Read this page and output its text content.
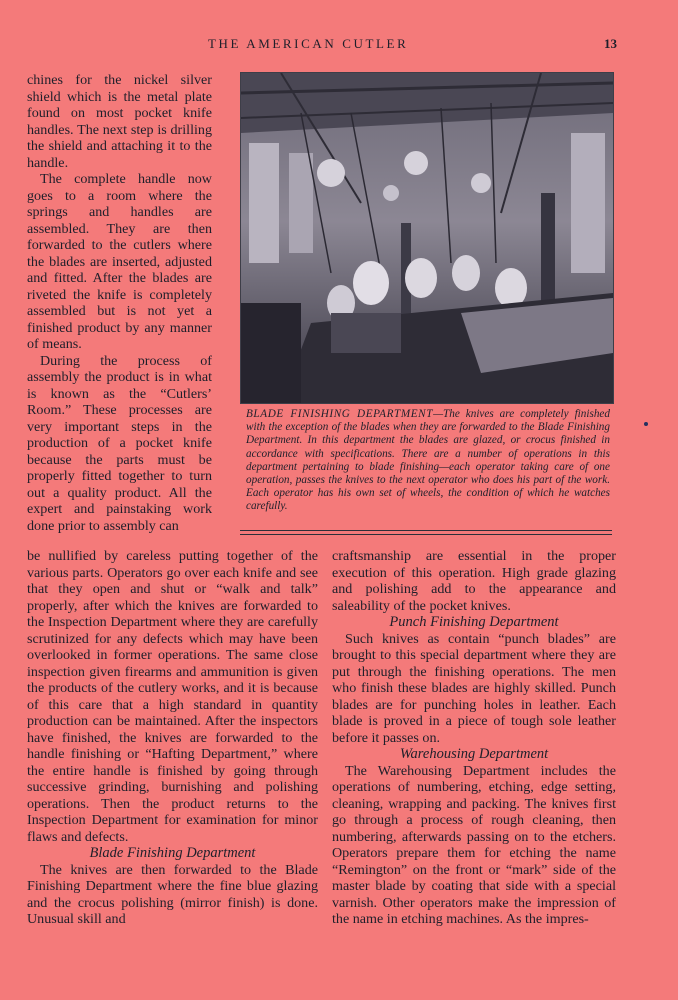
THE AMERICAN CUTLER	13
BLADE FINISHING DEPARTMENT—The knives are completely finished with the exception of the blades when they are forwarded to the Blade Finishing Department. In this department the blades are glazed, or crocus finished in accordance with specifications. There are a number of operations in this department pertaining to blade finishing—each operator taking care of one operation, passes the knives to the next operator who does his part of the work. Each operator has his own set of wheels, the condition of which he watches carefully.

chines for the nickel silver shield which is the metal plate found on most pocket knife handles. The next step is drilling the shield and attaching it to the handle.

The complete handle now goes to a room where the springs and handles are assembled. They are then forwarded to the cutlers where the blades are inserted, adjusted and fitted. After the blades are riveted the knife is completely assembled but is not yet a finished product by any manner of means.

During the process of assembly the product is in what is known as the “Cutlers’ Room.” These processes are very important steps in the production of a pocket knife because the parts must be properly fitted together to turn out a quality product. All the expert and painstaking work done prior to assembly can

be nullified by careless putting together of the various parts. Operators go over each knife and see that they open and shut or “walk and talk” properly, after which the knives are forwarded to the Inspection Department where they are carefully scrutinized for any defects which may have been overlooked in former operations. The same close inspection given firearms and ammunition is given the products of the cutlery works, and it is because of this care that a high standard in quantity production can be maintained. After the inspectors have finished, the knives are forwarded to the handle finishing or “Hafting Department,” where the entire handle is finished by going through successive grinding, burnishing and polishing operations. Then the product returns to the Inspection Department for examination for minor flaws and defects.

Blade Finishing Department

The knives are then forwarded to the Blade Finishing Department where the fine blue glazing and the crocus polishing (mirror finish) is done. Unusual skill and

craftsmanship are essential in the proper execution of this operation. High grade glazing and polishing add to the appearance and saleability of the pocket knives.

Punch Finishing Department

Such knives as contain “punch blades” are brought to this special department where they are put through the finishing operations. The men who finish these blades are highly skilled. Punch blades are for punching holes in leather. Each blade is proved in a piece of tough sole leather before it passes on.

Warehousing Department

The Warehousing Department includes the operations of numbering, etching, edge setting, cleaning, wrapping and packing. The knives first go through a process of rough cleaning, then numbering, afterwards passing on to the etchers. Operators prepare them for etching the name “Remington” on the front or “mark” side of the master blade by coating that side with a special varnish. Other operators make the impression of the name in etching machines. As the impres-
